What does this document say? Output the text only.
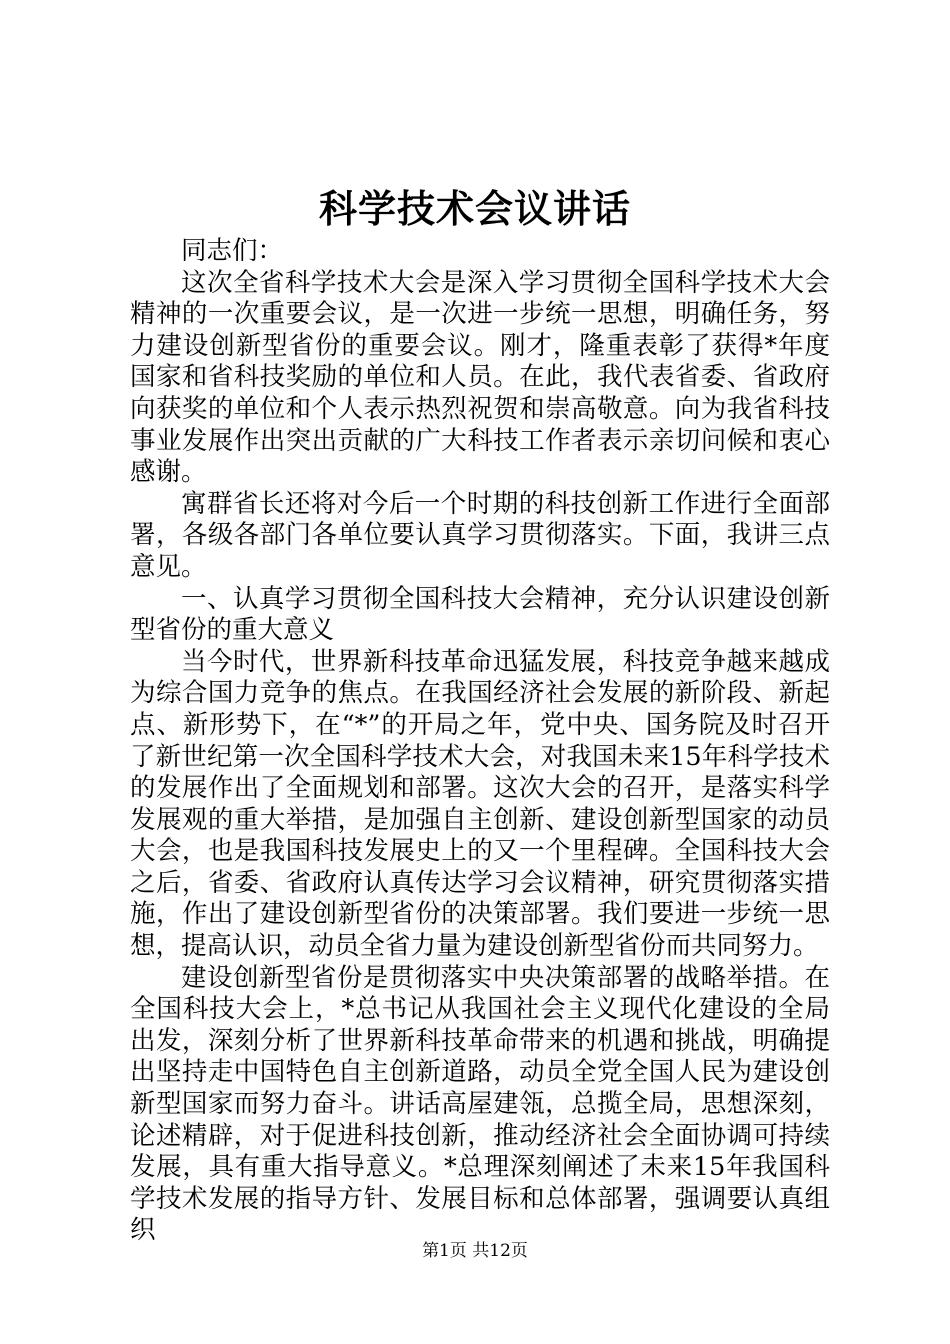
科学技术会议讲话

同志们：

这次全省科学技术大会是深入学习贯彻全国科学技术大会精神的一次重要会议，是一次进一步统一思想，明确任务，努力建设创新型省份的重要会议。刚才，隆重表彰了获得*年度国家和省科技奖励的单位和人员。在此，我代表省委、省政府向获奖的单位和个人表示热烈祝贺和崇高敬意。向为我省科技事业发展作出突出贡献的广大科技工作者表示亲切问候和衷心感谢。

寓群省长还将对今后一个时期的科技创新工作进行全面部署，各级各部门各单位要认真学习贯彻落实。下面，我讲三点意见。

一、认真学习贯彻全国科技大会精神，充分认识建设创新型省份的重大意义

当今时代，世界新科技革命迅猛发展，科技竞争越来越成为综合国力竞争的焦点。在我国经济社会发展的新阶段、新起点、新形势下，在“*”的开局之年，党中央、国务院及时召开了新世纪第一次全国科学技术大会，对我国未来15年科学技术的发展作出了全面规划和部署。这次大会的召开，是落实科学发展观的重大举措，是加强自主创新、建设创新型国家的动员大会，也是我国科技发展史上的又一个里程碑。全国科技大会之后，省委、省政府认真传达学习会议精神，研究贯彻落实措施，作出了建设创新型省份的决策部署。我们要进一步统一思想，提高认识，动员全省力量为建设创新型省份而共同努力。

建设创新型省份是贯彻落实中央决策部署的战略举措。在全国科技大会上，*总书记从我国社会主义现代化建设的全局出发，深刻分析了世界新科技革命带来的机遇和挑战，明确提出坚持走中国特色自主创新道路，动员全党全国人民为建设创新型国家而努力奋斗。讲话高屋建瓴，总揽全局，思想深刻，论述精辟，对于促进科技创新，推动经济社会全面协调可持续发展，具有重大指导意义。*总理深刻阐述了未来15年我国科学技术发展的指导方针、发展目标和总体部署，强调要认真组织

第1页 共12页
